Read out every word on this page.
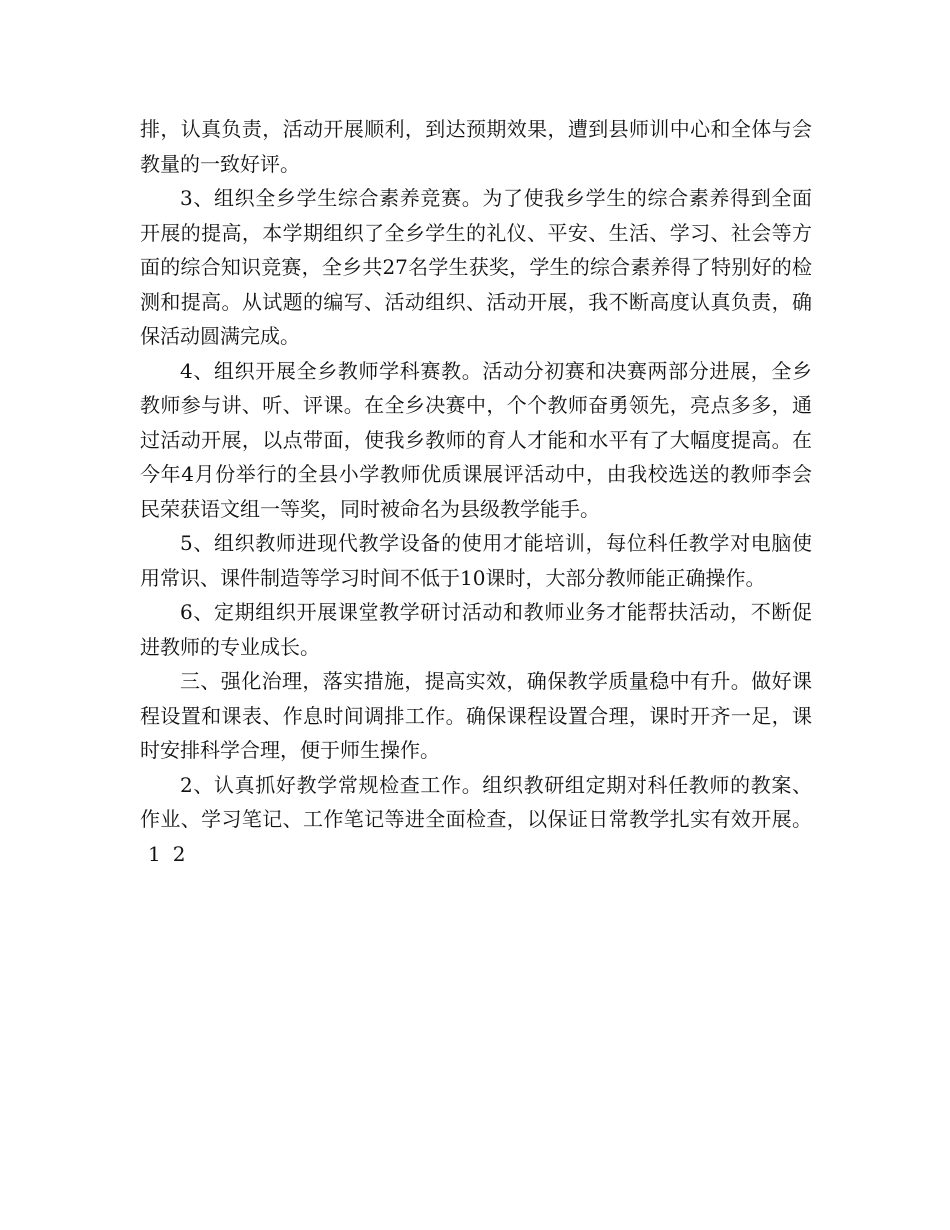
排，认真负责，活动开展顺利，到达预期效果，遭到县师训中心和全体与会教量的一致好评。

3、组织全乡学生综合素养竞赛。为了使我乡学生的综合素养得到全面开展的提高，本学期组织了全乡学生的礼仪、平安、生活、学习、社会等方面的综合知识竞赛，全乡共27名学生获奖，学生的综合素养得了特别好的检测和提高。从试题的编写、活动组织、活动开展，我不断高度认真负责，确保活动圆满完成。

4、组织开展全乡教师学科赛教。活动分初赛和决赛两部分进展，全乡教师参与讲、听、评课。在全乡决赛中，个个教师奋勇领先，亮点多多，通过活动开展，以点带面，使我乡教师的育人才能和水平有了大幅度提高。在今年4月份举行的全县小学教师优质课展评活动中，由我校选送的教师李会民荣获语文组一等奖，同时被命名为县级教学能手。

5、组织教师进现代教学设备的使用才能培训，每位科任教学对电脑使用常识、课件制造等学习时间不低于10课时，大部分教师能正确操作。

6、定期组织开展课堂教学研讨活动和教师业务才能帮扶活动，不断促进教师的专业成长。

三、强化治理，落实措施，提高实效，确保教学质量稳中有升。做好课程设置和课表、作息时间调排工作。确保课程设置合理，课时开齐一足，课时安排科学合理，便于师生操作。

2、认真抓好教学常规检查工作。组织教研组定期对科任教师的教案、作业、学习笔记、工作笔记等进全面检查，以保证日常教学扎实有效开展。1 2
